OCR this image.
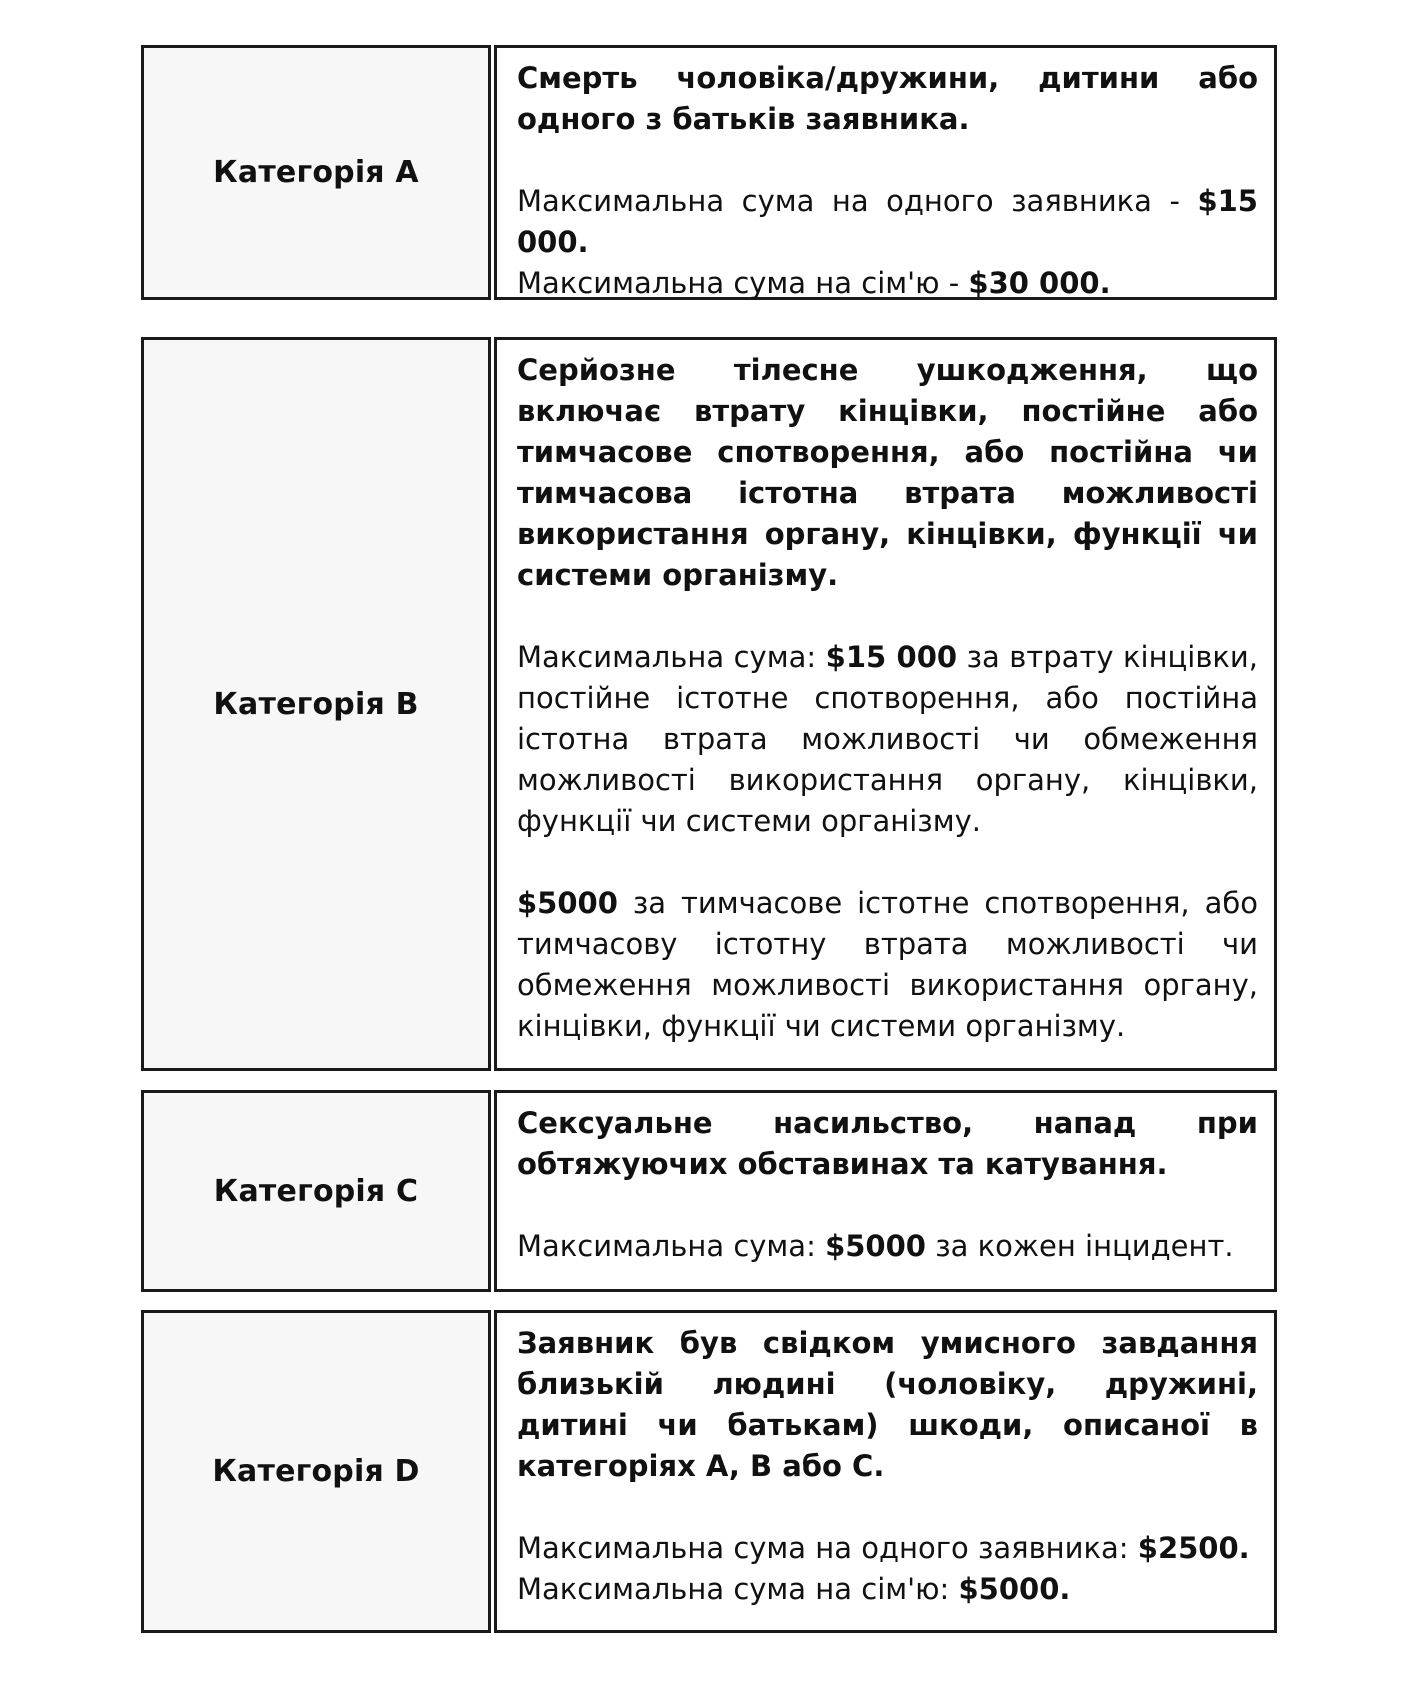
Категорія A

Смерть чоловіка/дружини, дитини або одного з батьків заявника.

Максимальна сума на одного заявника - $15 000.

Максимальна сума на сім'ю - $30 000.

Категорія B

Серйозне тілесне ушкодження, що включає втрату кінцівки, постійне або тимчасове спотворення, або постійна чи тимчасова істотна втрата можливості використання органу, кінцівки, функції чи системи організму.

Максимальна сума: $15 000 за втрату кінцівки, постійне істотне спотворення, або постійна істотна втрата можливості чи обмеження можливості використання органу, кінцівки, функції чи системи організму.

$5000 за тимчасове істотне спотворення, або тимчасову істотну втрата можливості чи обмеження можливості використання органу, кінцівки, функції чи системи організму.

Категорія C

Сексуальне насильство, напад при обтяжуючих обставинах та катування.

Максимальна сума: $5000 за кожен інцидент.

Категорія D

Заявник був свідком умисного завдання близькій людині (чоловіку, дружині, дитині чи батькам) шкоди, описаної в категоріях A, B або C.

Максимальна сума на одного заявника: $2500.

Максимальна сума на сім'ю: $5000.
